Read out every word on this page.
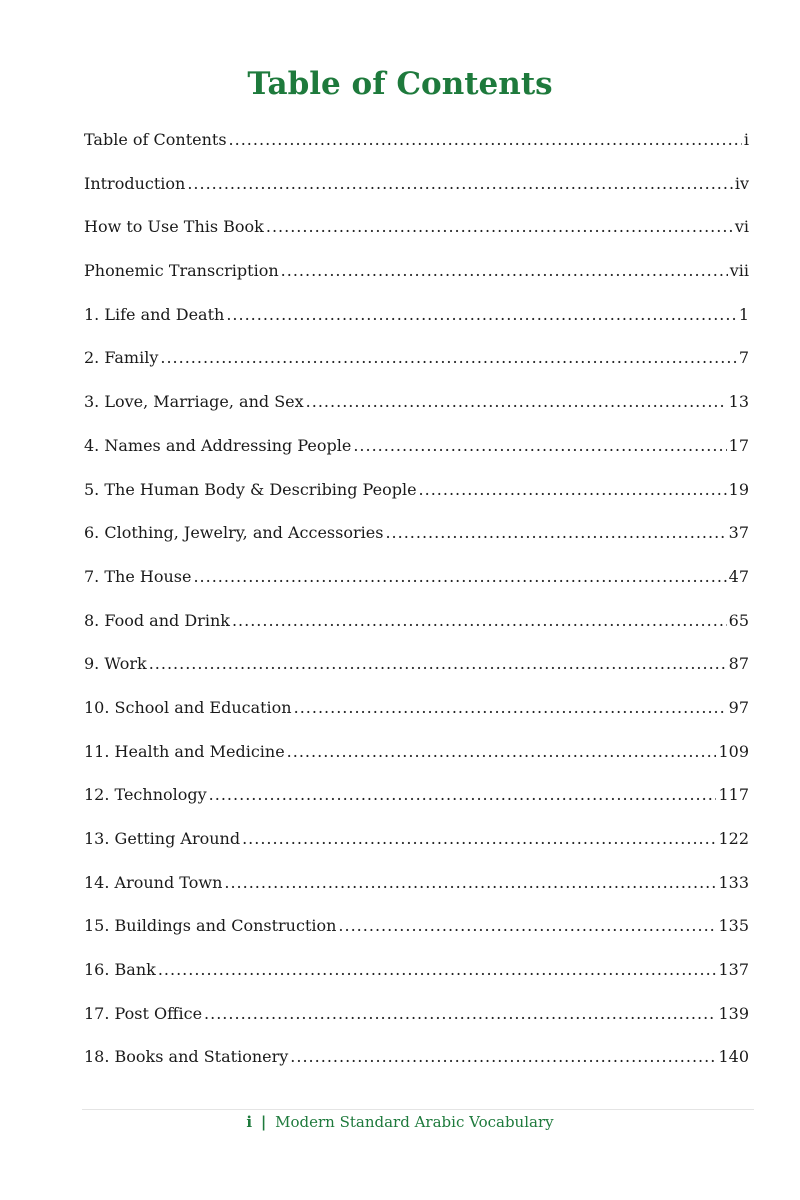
Table of Contents
Table of Contents .....	i
Introduction .....	iv
How to Use This Book .....	vi
Phonemic Transcription .....	vii
1. Life and Death .....	1
2. Family .....	7
3. Love, Marriage, and Sex .....	13
4. Names and Addressing People .....	17
5. The Human Body & Describing People .....	19
6. Clothing, Jewelry, and Accessories .....	37
7. The House .....	47
8. Food and Drink .....	65
9. Work .....	87
10. School and Education .....	97
11. Health and Medicine .....	109
12. Technology .....	117
13. Getting Around .....	122
14. Around Town .....	133
15. Buildings and Construction .....	135
16. Bank .....	137
17. Post Office .....	139
18. Books and Stationery .....	140
i | Modern Standard Arabic Vocabulary
